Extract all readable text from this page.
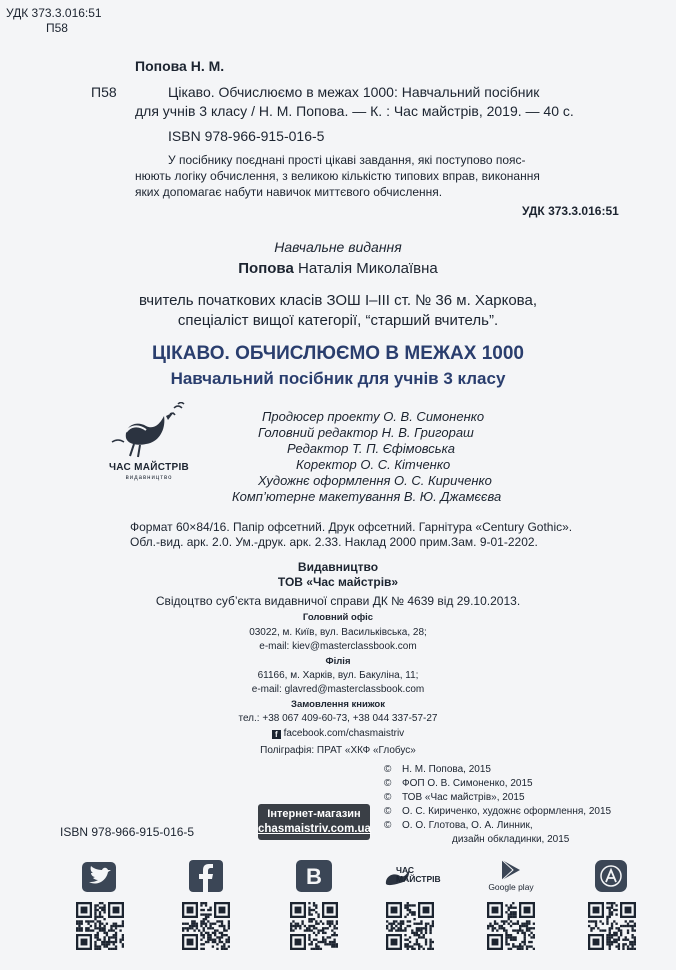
УДК 373.3.016:51
П58
Попова Н. М.
П58	Цікаво. Обчислюємо в межах 1000: Навчальний посібник
для учнів 3 класу / Н. М. Попова. — К. : Час майстрів, 2019. — 40 с.
ISBN 978-966-915-016-5
У посібнику поєднані прості цікаві завдання, які поступово пояс-
нюють логіку обчислення, з великою кількістю типових вправ, виконання
яких допомагає набути навичок миттєвого обчислення.
УДК 373.3.016:51
Навчальне видання
Попова Наталія Миколаївна
вчитель початкових класів ЗОШ І–ІІІ ст. № 36 м. Харкова,
спеціаліст вищої категорії, “старший вчитель”.
ЦІКАВО. ОБЧИСЛЮЄМО В МЕЖАХ 1000
Навчальний посібник для учнів 3 класу
ЧАС МАЙСТРІВ
видавництво
Продюсер проекту О. В. Симоненко
Головний редактор Н. В. Григораш
Редактор Т. П. Єфімовська
Коректор О. С. Кітченко
Художнє оформлення О. С. Кириченко
Комп’ютерне макетування В. Ю. Джамєєва
Формат 60×84/16. Папір офсетний. Друк офсетний. Гарнітура «Century Gothic».
Обл.-вид. арк. 2.0. Ум.-друк. арк. 2.33. Наклад 2000 прим.Зам. 9-01-2202.
Видавництво
ТОВ «Час майстрів»
Свідоцтво суб’єкта видавничої справи ДК № 4639 від 29.10.2013.
Головний офіс
03022, м. Київ, вул. Васильківська, 28;
e-mail: kiev@masterclassbook.com
Філія
61166, м. Харків, вул. Бакуліна, 11;
e-mail: glavred@masterclassbook.com
Замовлення книжок
тел.: +38 067 409-60-73, +38 044 337-57-27
f facebook.com/chasmaistriv
Поліграфія: ПРАТ «ХКФ «Глобус»
© Н. М. Попова, 2015
© ФОП О. В. Симоненко, 2015
© ТОВ «Час майстрів», 2015
© О. С. Кириченко, художнє оформлення, 2015
© О. О. Глотова, О. А. Линник,
дизайн обкладинки, 2015
ISBN 978-966-915-016-5
Інтернет-магазин
chasmaistriv.com.ua
B	ЧАС МАЙСТРІВ
Google play
